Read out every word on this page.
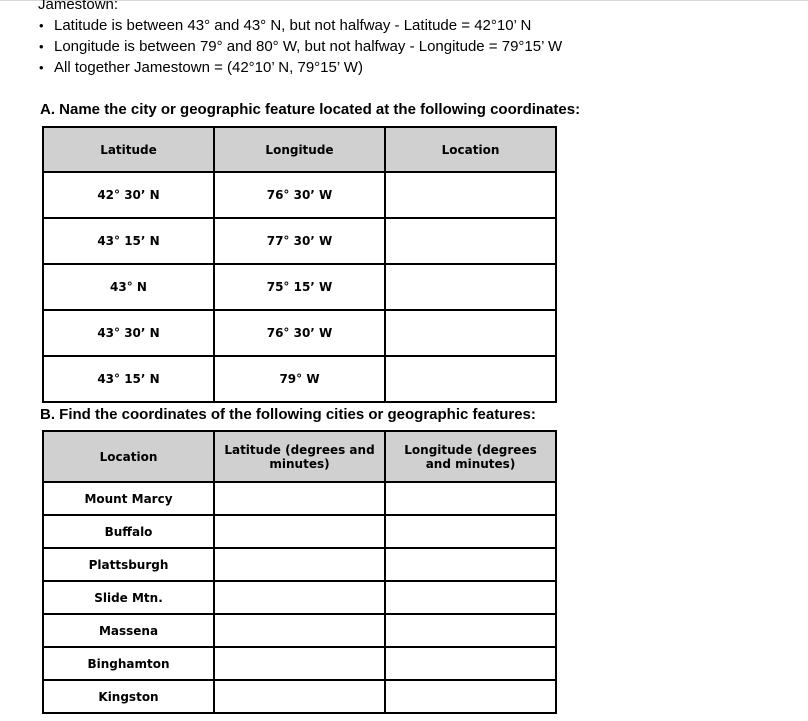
Jamestown:
• Latitude is between 43° and 43° N, but not halfway - Latitude = 42°10’ N
• Longitude is between 79° and 80° W, but not halfway - Longitude = 79°15’ W
• All together Jamestown = (42°10’ N, 79°15’ W)
A. Name the city or geographic feature located at the following coordinates:
Latitude	Longitude	Location
42° 30’ N	76° 30’ W	
43° 15’ N	77° 30’ W	
43° N	75° 15’ W	
43° 30’ N	76° 30’ W	
43° 15’ N	79° W	
B. Find the coordinates of the following cities or geographic features:
Location	Latitude (degrees and minutes)	Longitude (degrees and minutes)
Mount Marcy		
Buffalo		
Plattsburgh		
Slide Mtn.		
Massena		
Binghamton		
Kingston		
